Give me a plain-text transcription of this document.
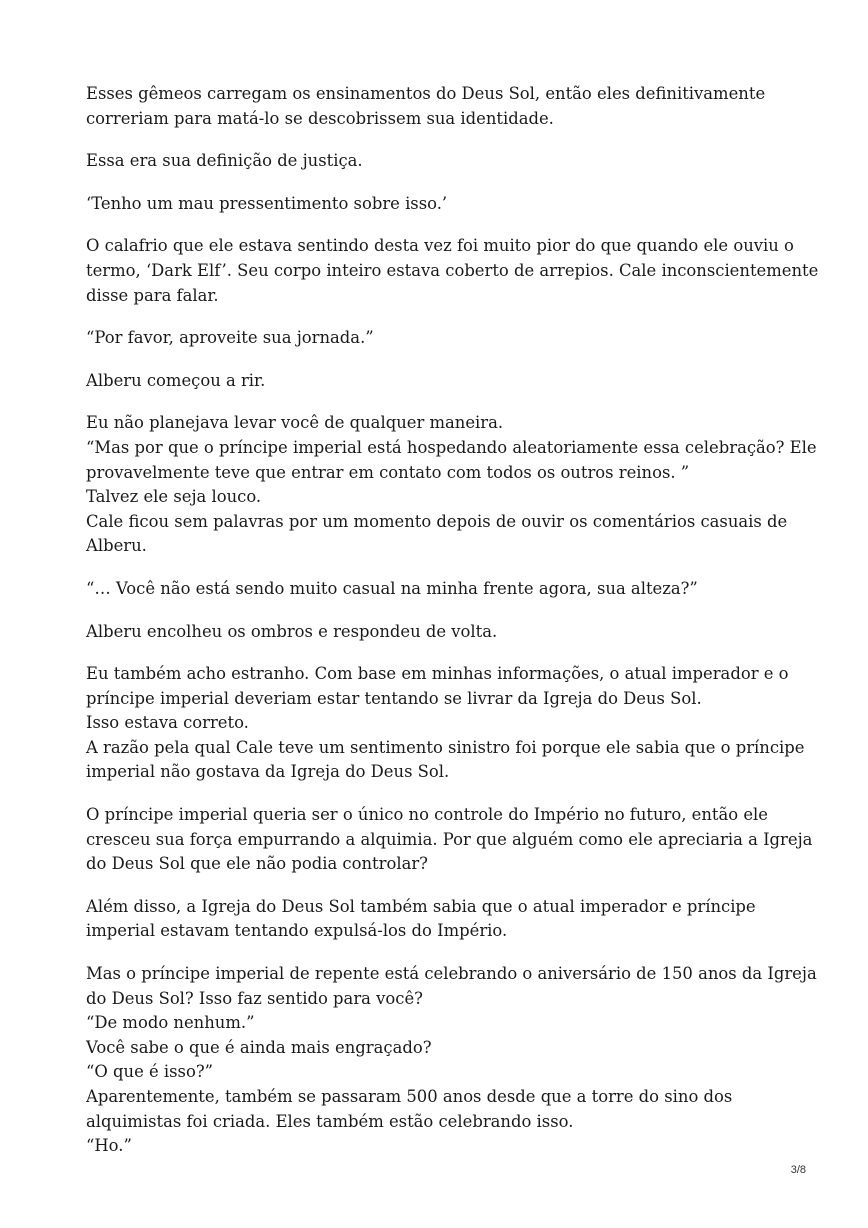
Esses gêmeos carregam os ensinamentos do Deus Sol, então eles definitivamente
correriam para matá-lo se descobrissem sua identidade.

Essa era sua definição de justiça.

‘Tenho um mau pressentimento sobre isso.’

O calafrio que ele estava sentindo desta vez foi muito pior do que quando ele ouviu o
termo, ‘Dark Elf’. Seu corpo inteiro estava coberto de arrepios. Cale inconscientemente
disse para falar.

“Por favor, aproveite sua jornada.”

Alberu começou a rir.

Eu não planejava levar você de qualquer maneira.
“Mas por que o príncipe imperial está hospedando aleatoriamente essa celebração? Ele
provavelmente teve que entrar em contato com todos os outros reinos. ”
Talvez ele seja louco.
Cale ficou sem palavras por um momento depois de ouvir os comentários casuais de
Alberu.

“… Você não está sendo muito casual na minha frente agora, sua alteza?”

Alberu encolheu os ombros e respondeu de volta.

Eu também acho estranho. Com base em minhas informações, o atual imperador e o
príncipe imperial deveriam estar tentando se livrar da Igreja do Deus Sol.
Isso estava correto.
A razão pela qual Cale teve um sentimento sinistro foi porque ele sabia que o príncipe
imperial não gostava da Igreja do Deus Sol.

O príncipe imperial queria ser o único no controle do Império no futuro, então ele
cresceu sua força empurrando a alquimia. Por que alguém como ele apreciaria a Igreja
do Deus Sol que ele não podia controlar?

Além disso, a Igreja do Deus Sol também sabia que o atual imperador e príncipe
imperial estavam tentando expulsá-los do Império.

Mas o príncipe imperial de repente está celebrando o aniversário de 150 anos da Igreja
do Deus Sol? Isso faz sentido para você?
“De modo nenhum.”
Você sabe o que é ainda mais engraçado?
“O que é isso?”
Aparentemente, também se passaram 500 anos desde que a torre do sino dos
alquimistas foi criada. Eles também estão celebrando isso.
“Ho.”

3/8
